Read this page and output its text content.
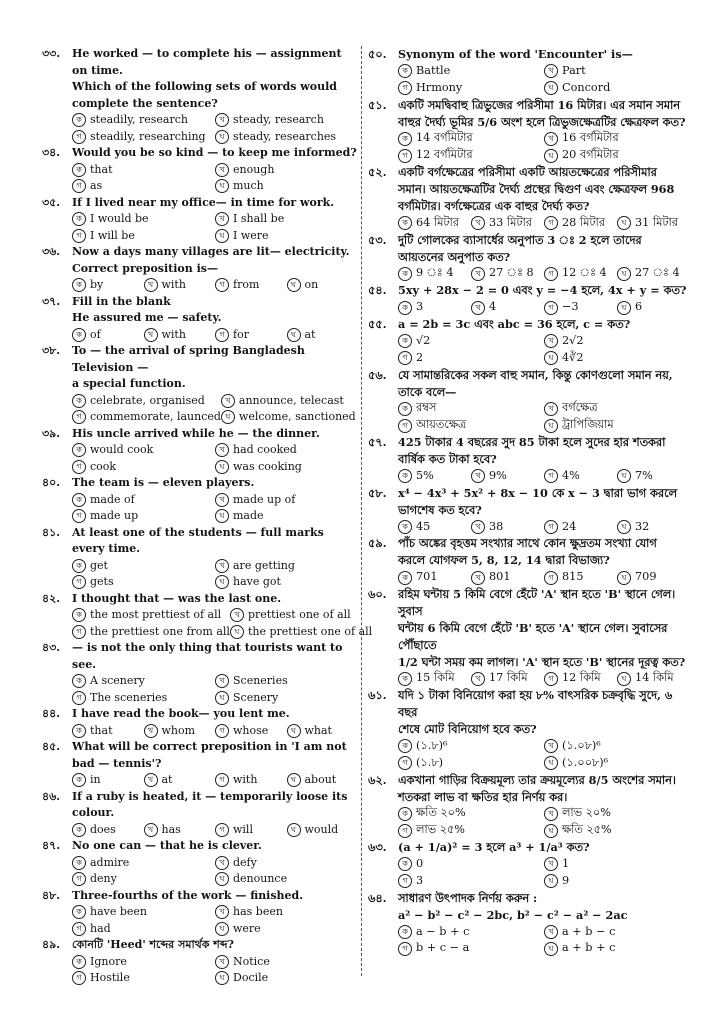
৩৩.	He worked — to complete his — assignment on time.
Which of the following sets of words would
complete the sentence?
ক steadily, research	খ steady, research
গ steadily, researching	ঘ steady, researches
৩৪.	Would you be so kind — to keep me informed?
ক that	খ enough
গ as	ঘ much
৩৫.	If I lived near my office— in time for work.
ক I would be	খ I shall be
গ I will be	ঘ I were
৩৬.	Now a days many villages are lit— electricity.
Correct preposition is—
ক by	খ with	গ from	ঘ on
৩৭.	Fill in the blank
He assured me — safety.
ক of	খ with	গ for	ঘ at
৩৮.	To — the arrival of spring Bangladesh Television —
a special function.
ক celebrate, organised	খ announce, telecast
গ commemorate, launced ঘ welcome, sanctioned
৩৯.	His uncle arrived while he — the dinner.
ক would cook	খ had cooked
গ cook	ঘ was cooking
৪০.	The team is — eleven players.
ক made of	খ made up of
গ made up	ঘ made
৪১.	At least one of the students — full marks every time.
ক get	খ are getting
গ gets	ঘ have got
৪২.	I thought that — was the last one.
ক the most prettiest of all	খ prettiest one of all
গ the prettiest one from all ঘ the prettiest one of all
৪৩.	— is not the only thing that tourists want to see.
ক A scenery	খ Sceneries
গ The sceneries	ঘ Scenery
৪৪.	I have read the book— you lent me.
ক that	খ whom	গ whose	ঘ what
৪৫.	What will be correct preposition in 'I am not bad — tennis'?
ক in	খ at	গ with	ঘ about
৪৬.	If a ruby is heated, it — temporarily loose its colour.
ক does	খ has	গ will	ঘ would
৪৭.	No one can — that he is clever.
ক admire	খ defy
গ deny	ঘ denounce
৪৮.	Three-fourths of the work — finished.
ক have been	খ has been
গ had	ঘ were
৪৯.	কোনটি 'Heed' শব্দের সমার্থক শব্দ?
ক Ignore	খ Notice
গ Hostile	ঘ Docile
৫০.	Synonym of the word 'Encounter' is—
ক Battle	খ Part
গ Hrmony	ঘ Concord
৫১.	একটি সমদ্বিবাহু ত্রিভুজের পরিসীমা 16 মিটার। এর সমান সমান
বাহুর দৈর্ঘ্য ভূমির 5/6 অংশ হলে ত্রিভুজক্ষেত্রটির ক্ষেত্রফল কত?
ক 14 বর্গমিটার	খ 16 বর্গমিটার
গ 12 বর্গমিটার	ঘ 20 বর্গমিটার
৫২.	একটি বর্গক্ষেত্রের পরিসীমা একটি আয়তক্ষেত্রের পরিসীমার
সমান। আয়তক্ষেত্রটির দৈর্ঘ্য প্রস্থের দ্বিগুণ এবং ক্ষেত্রফল 968
বর্গমিটার। বর্গক্ষেত্রের এক বাহুর দৈর্ঘ্য কত?
ক 64 মিটার	খ 33 মিটার	গ 28 মিটার	ঘ 31 মিটার
৫৩.	দুটি গোলকের ব্যাসার্ধের অনুপাত 3 ঃ 2 হলে তাদের আয়তনের অনুপাত কত?
ক 9 ঃ 4	খ 27 ঃ 8	গ 12 ঃ 4	ঘ 27 ঃ 4
৫৪.	5xy + 28x − 2 = 0 এবং y = −4 হলে, 4x + y = কত?
ক 3	খ 4	গ −3	ঘ 6
৫৫.	a = 2b = 3c এবং abc = 36 হলে, c = কত?
ক √2	খ 2√2
গ 2	ঘ 4∛2
৫৬.	যে সামান্তরিকের সকল বাহু সমান, কিন্তু কোণগুলো সমান নয়, তাকে বলে—
ক রম্বস	খ বর্গক্ষেত্র
গ আয়তক্ষেত্র	ঘ ট্রাপিজিয়াম
৫৭.	425 টাকার 4 বছরের সুদ 85 টাকা হলে সুদের হার শতকরা
বার্ষিক কত টাকা হবে?
ক 5%	খ 9%	গ 4%	ঘ 7%
৫৮.	x⁴ − 4x³ + 5x² + 8x − 10 কে x − 3 দ্বারা ভাগ করলে ভাগশেষ কত হবে?
ক 45	খ 38	গ 24	ঘ 32
৫৯.	পাঁচ অঙ্কের বৃহত্তম সংখ্যার সাথে কোন ক্ষুদ্রতম সংখ্যা যোগ
করলে যোগফল 5, 8, 12, 14 দ্বারা বিভাজ্য?
ক 701	খ 801	গ 815	ঘ 709
৬০.	রহিম ঘন্টায় 5 কিমি বেগে হেঁটে 'A' স্থান হতে 'B' স্থানে গেল। সুবাস
ঘন্টায় 6 কিমি বেগে হেঁটে 'B' হতে 'A' স্থানে গেল। সুবাসের পৌঁছাতে
1/2 ঘন্টা সময় কম লাগল। 'A' স্থান হতে 'B' স্থানের দূরত্ব কত?
ক 15 কিমি	খ 17 কিমি	গ 12 কিমি	ঘ 14 কিমি
৬১.	যদি ১ টাকা বিনিয়োগ করা হয় ৮% বাৎসরিক চক্রবৃদ্ধি সুদে, ৬ বছর
শেষে মোট বিনিয়োগ হবে কত?
ক (১.৮)⁶	খ (১.০৮)⁶
গ (১.৮)	ঘ (১.০০৮)⁶
৬২.	একখানা গাড়ির বিক্রয়মূল্য তার ক্রয়মূল্যের 8/5 অংশের সমান।
শতকরা লাভ বা ক্ষতির হার নির্ণয় কর।
ক ক্ষতি ২০%	খ লাভ ২০%
গ লাভ ২৫%	ঘ ক্ষতি ২৫%
৬৩.	(a + 1/a)² = 3 হলে a³ + 1/a³ কত?
ক 0	খ 1
গ 3	ঘ 9
৬৪.	সাধারণ উৎপাদক নির্ণয় করুন :
a² − b² − c² − 2bc, b² − c² − a² − 2ac
ক a − b + c	খ a + b − c
গ b + c − a	ঘ a + b + c
